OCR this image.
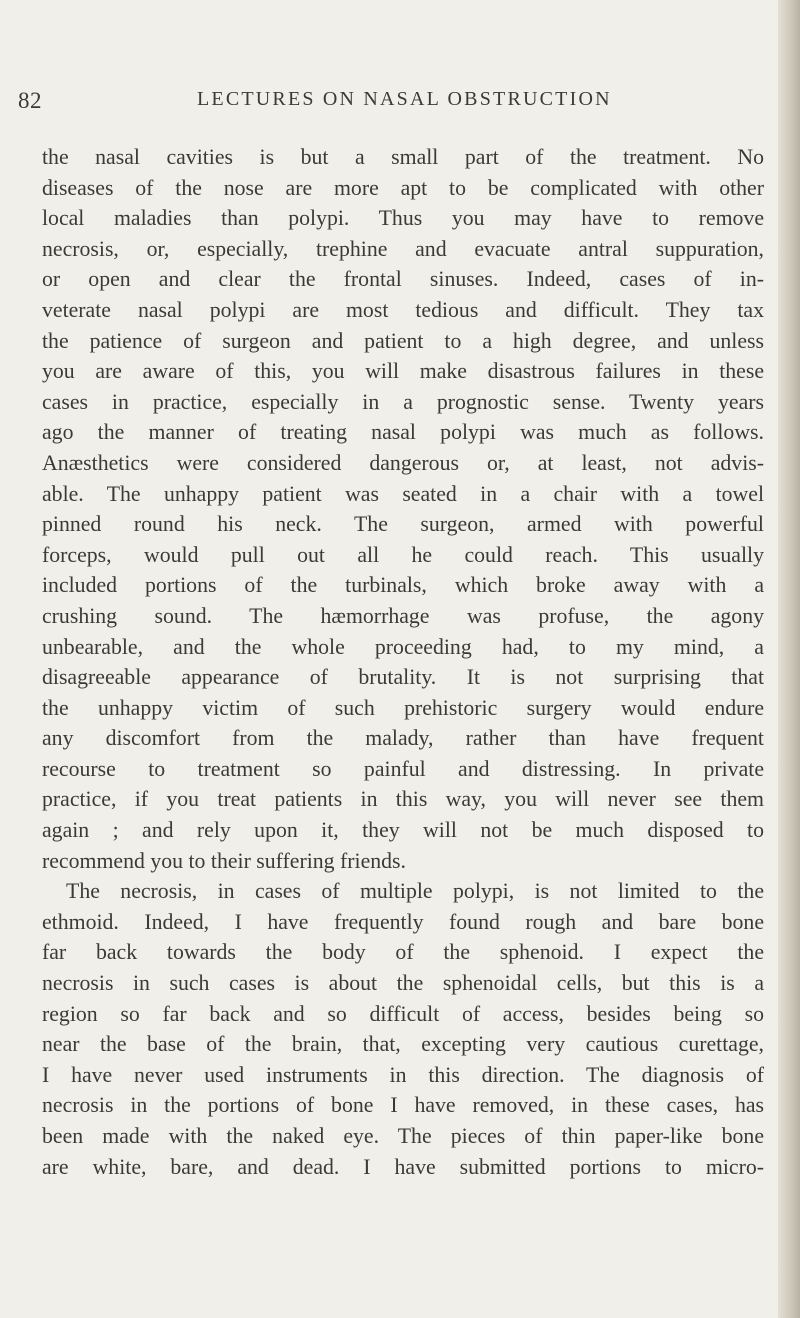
82	LECTURES ON NASAL OBSTRUCTION
the nasal cavities is but a small part of the treatment. No
diseases of the nose are more apt to be complicated with other
local maladies than polypi. Thus you may have to remove
necrosis, or, especially, trephine and evacuate antral suppuration,
or open and clear the frontal sinuses. Indeed, cases of in-
veterate nasal polypi are most tedious and difficult. They tax
the patience of surgeon and patient to a high degree, and unless
you are aware of this, you will make disastrous failures in these
cases in practice, especially in a prognostic sense. Twenty years
ago the manner of treating nasal polypi was much as follows.
Anæsthetics were considered dangerous or, at least, not advis-
able. The unhappy patient was seated in a chair with a towel
pinned round his neck. The surgeon, armed with powerful
forceps, would pull out all he could reach. This usually
included portions of the turbinals, which broke away with a
crushing sound. The hæmorrhage was profuse, the agony
unbearable, and the whole proceeding had, to my mind, a
disagreeable appearance of brutality. It is not surprising that
the unhappy victim of such prehistoric surgery would endure
any discomfort from the malady, rather than have frequent
recourse to treatment so painful and distressing. In private
practice, if you treat patients in this way, you will never see them
again ; and rely upon it, they will not be much disposed to
recommend you to their suffering friends.
The necrosis, in cases of multiple polypi, is not limited to the
ethmoid. Indeed, I have frequently found rough and bare bone
far back towards the body of the sphenoid. I expect the
necrosis in such cases is about the sphenoidal cells, but this is a
region so far back and so difficult of access, besides being so
near the base of the brain, that, excepting very cautious curettage,
I have never used instruments in this direction. The diagnosis of
necrosis in the portions of bone I have removed, in these cases, has
been made with the naked eye. The pieces of thin paper-like bone
are white, bare, and dead. I have submitted portions to micro-
